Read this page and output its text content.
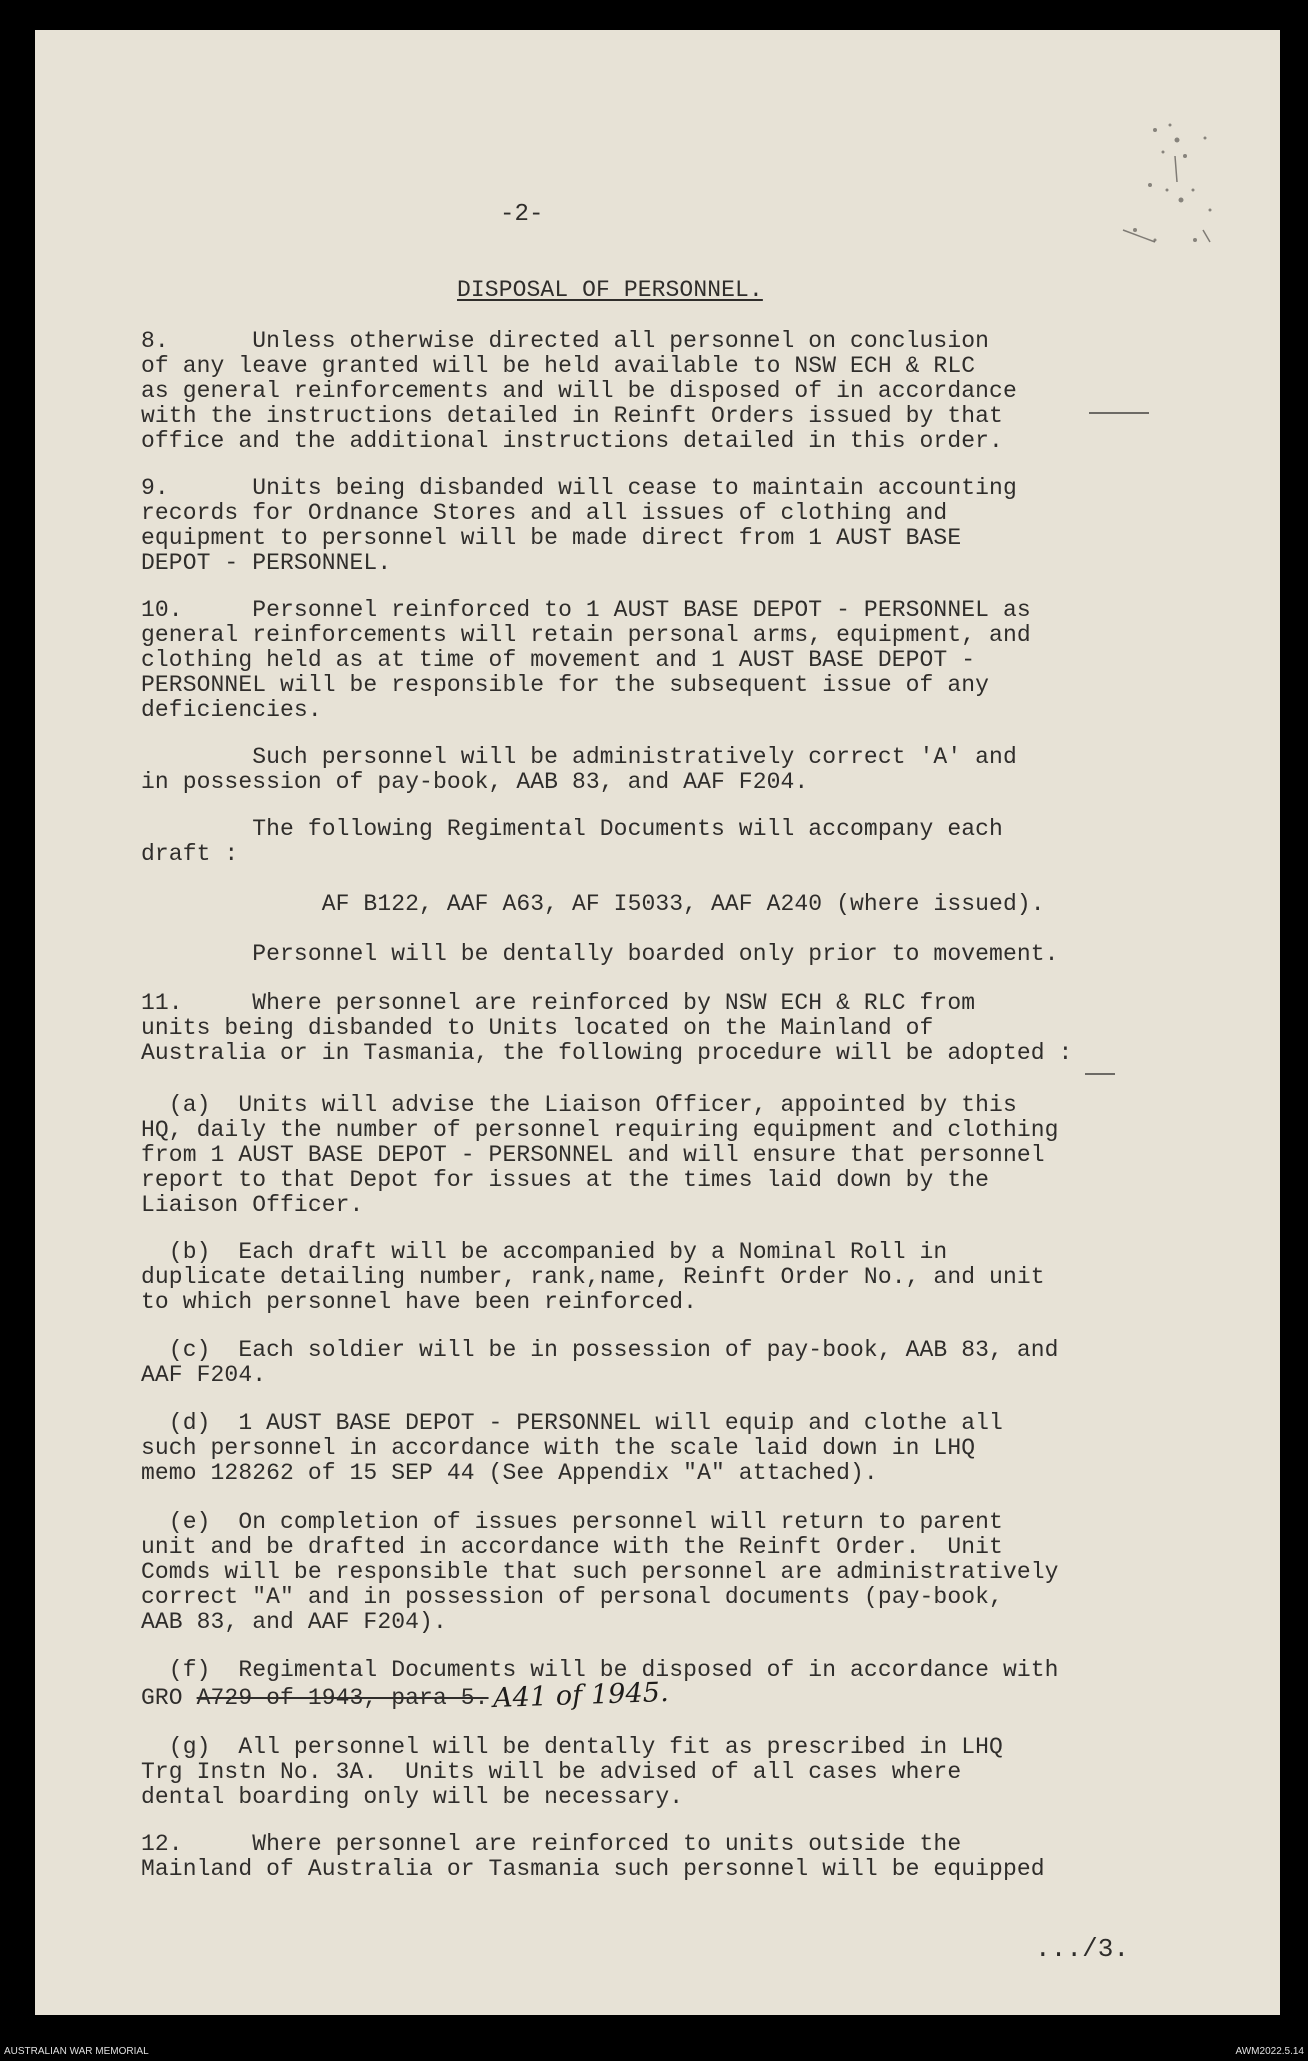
-2-
DISPOSAL OF PERSONNEL.
8.      Unless otherwise directed all personnel on conclusion
of any leave granted will be held available to NSW ECH & RLC
as general reinforcements and will be disposed of in accordance
with the instructions detailed in Reinft Orders issued by that
office and the additional instructions detailed in this order.
9.      Units being disbanded will cease to maintain accounting
records for Ordnance Stores and all issues of clothing and
equipment to personnel will be made direct from 1 AUST BASE
DEPOT - PERSONNEL.
10.     Personnel reinforced to 1 AUST BASE DEPOT - PERSONNEL as
general reinforcements will retain personal arms, equipment, and
clothing held as at time of movement and 1 AUST BASE DEPOT -
PERSONNEL will be responsible for the subsequent issue of any
deficiencies.
Such personnel will be administratively correct 'A' and
in possession of pay-book, AAB 83, and AAF F204.
The following Regimental Documents will accompany each
draft :
AF B122, AAF A63, AF I5033, AAF A240 (where issued).
Personnel will be dentally boarded only prior to movement.
11.     Where personnel are reinforced by NSW ECH & RLC from
units being disbanded to Units located on the Mainland of
Australia or in Tasmania, the following procedure will be adopted :
(a)  Units will advise the Liaison Officer, appointed by this
HQ, daily the number of personnel requiring equipment and clothing
from 1 AUST BASE DEPOT - PERSONNEL and will ensure that personnel
report to that Depot for issues at the times laid down by the
Liaison Officer.
(b)  Each draft will be accompanied by a Nominal Roll in
duplicate detailing number, rank,name, Reinft Order No., and unit
to which personnel have been reinforced.
(c)  Each soldier will be in possession of pay-book, AAB 83, and
AAF F204.
(d)  1 AUST BASE DEPOT - PERSONNEL will equip and clothe all
such personnel in accordance with the scale laid down in LHQ
memo 128262 of 15 SEP 44 (See Appendix "A" attached).
(e)  On completion of issues personnel will return to parent
unit and be drafted in accordance with the Reinft Order.  Unit
Comds will be responsible that such personnel are administratively
correct "A" and in possession of personal documents (pay-book,
AAB 83, and AAF F204).
(f)  Regimental Documents will be disposed of in accordance with
GRO A729 of 1943, para 5. A41 of 1945.
(g)  All personnel will be dentally fit as prescribed in LHQ
Trg Instn No. 3A.  Units will be advised of all cases where
dental boarding only will be necessary.
12.     Where personnel are reinforced to units outside the
Mainland of Australia or Tasmania such personnel will be equipped
.../3.
AUSTRALIAN WAR MEMORIAL	AWM2022.5.14
